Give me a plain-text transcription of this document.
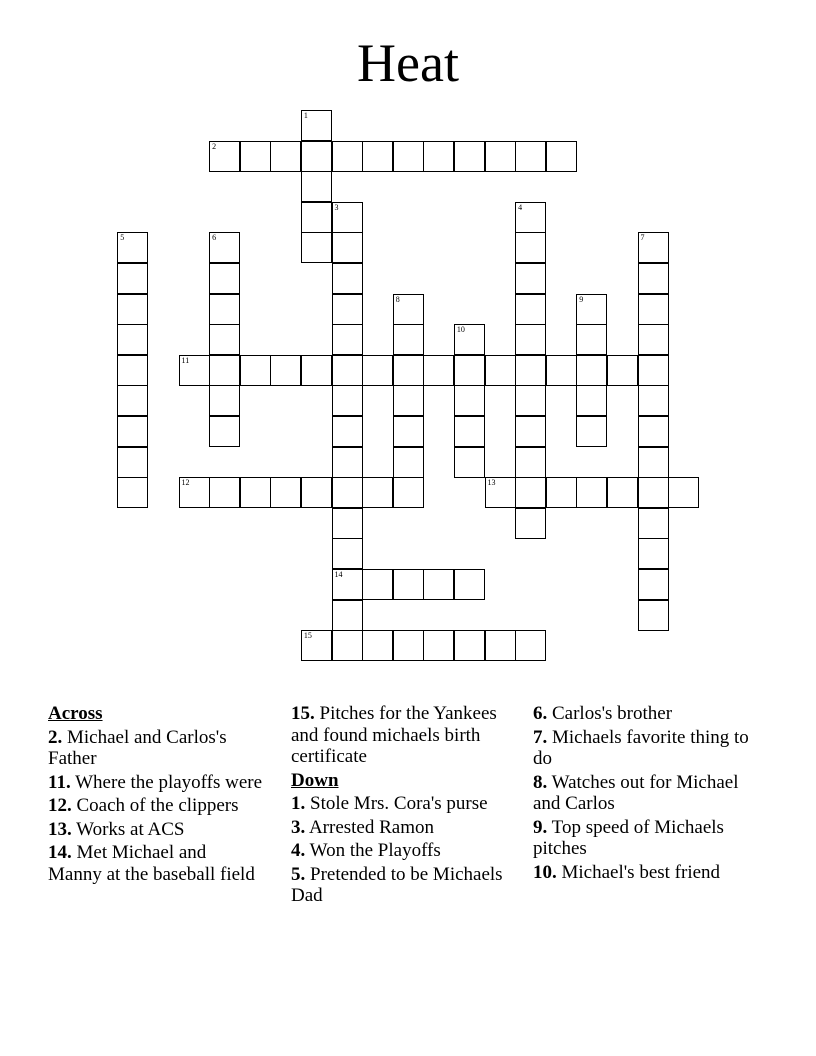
Heat
1
2
3
14
4
5	6	7
8	9
10
11
12	13
15
Across
2. Michael and Carlos's Father
11. Where the playoffs were
12. Coach of the clippers
13. Works at ACS
14. Met Michael and Manny at the baseball field
15. Pitches for the Yankees and found michaels birth certificate
Down
1. Stole Mrs. Cora's purse
3. Arrested Ramon
4. Won the Playoffs
5. Pretended to be Michaels Dad
6. Carlos's brother
7. Michaels favorite thing to do
8. Watches out for Michael and Carlos
9. Top speed of Michaels pitches
10. Michael's best friend
